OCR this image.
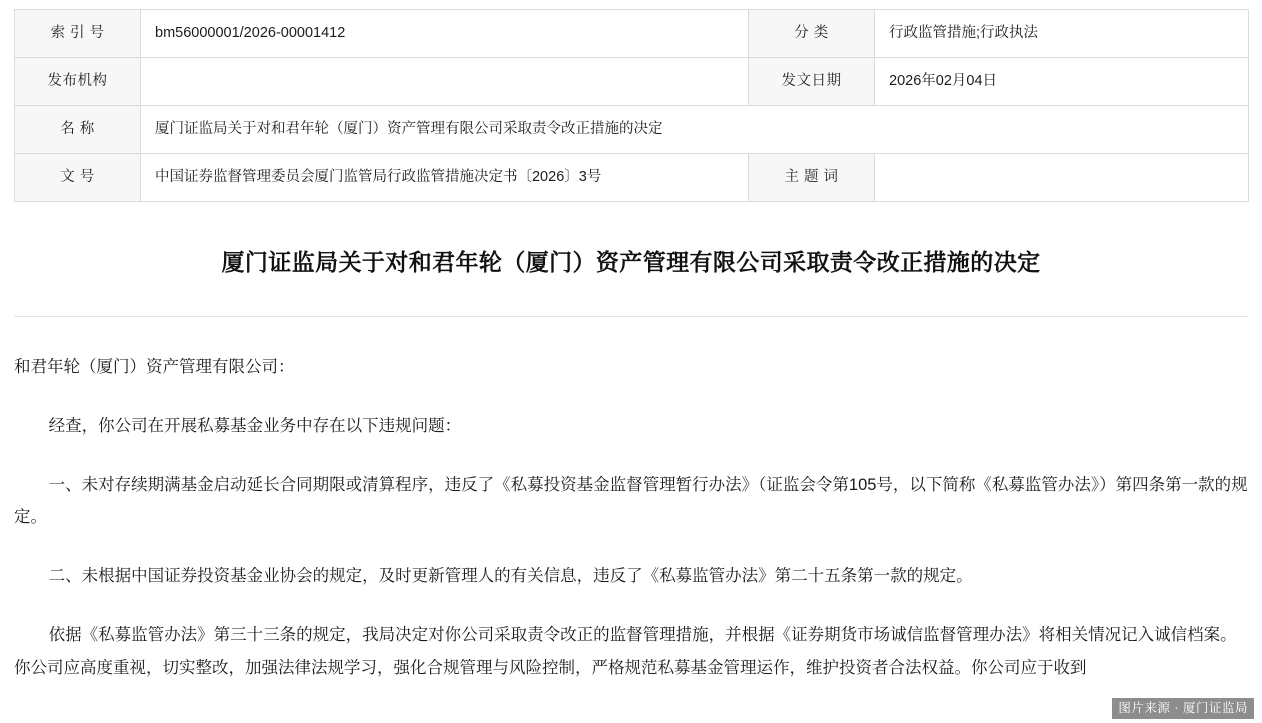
索 引 号	bm56000001/2026-00001412	分 类	行政监管措施;行政执法
发布机构		发文日期	2026年02月04日
名 称	厦门证监局关于对和君年轮（厦门）资产管理有限公司采取责令改正措施的决定		
文 号	中国证券监督管理委员会厦门监管局行政监管措施决定书〔2026〕3号	主 题 词	
厦门证监局关于对和君年轮（厦门）资产管理有限公司采取责令改正措施的决定

和君年轮（厦门）资产管理有限公司：

经查，你公司在开展私募基金业务中存在以下违规问题：

一、未对存续期满基金启动延长合同期限或清算程序，违反了《私募投资基金监督管理暂行办法》（证监会令第105号，以下简称《私募监管办法》）第四条第一款的规定。

二、未根据中国证券投资基金业协会的规定，及时更新管理人的有关信息，违反了《私募监管办法》第二十五条第一款的规定。

依据《私募监管办法》第三十三条的规定，我局决定对你公司采取责令改正的监督管理措施，并根据《证券期货市场诚信监督管理办法》将相关情况记入诚信档案。你公司应高度重视，切实整改，加强法律法规学习，强化合规管理与风险控制，严格规范私募基金管理运作，维护投资者合法权益。你公司应于收到

图片来源 · 厦门证监局
